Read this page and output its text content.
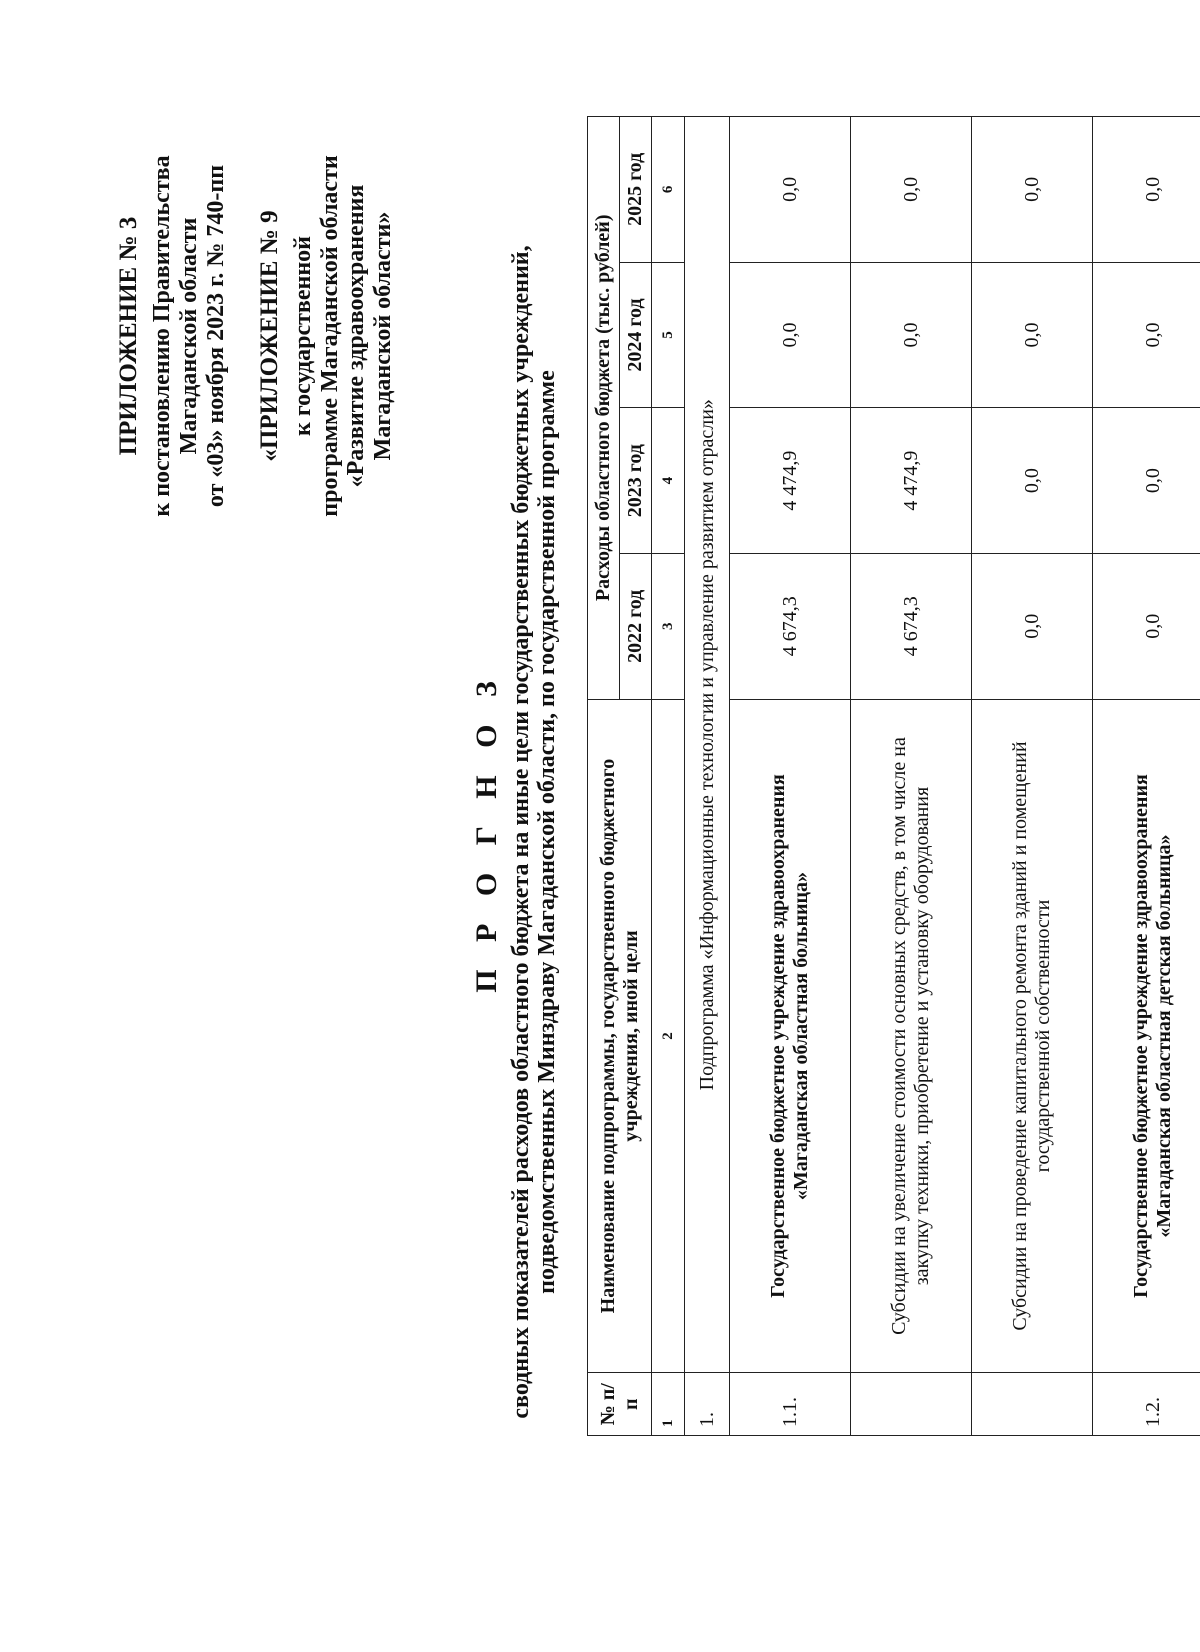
ПРИЛОЖЕНИЕ № 3 к постановлению Правительства Магаданской области от «03» ноября 2023 г. № 740-пп «ПРИЛОЖЕНИЕ № 9 к государственной программе Магаданской области «Развитие здравоохранения Магаданской области»
П Р О Г Н О З сводных показателей расходов областного бюджета на иные цели государственных бюджетных учреждений, подведомственных Минздраву Магаданской области, по государственной программе
№ п/п	Наименование подпрограммы, государственного бюджетного учреждения, иной цели	Расходы областного бюджета (тыс. рублей)			
		2022 год	2023 год	2024 год	2025 год
1	2	3	4	5	6
1.	Подпрограмма «Информационные технологии и управление развитием отрасли»				
1.1.	Государственное бюджетное учреждение здравоохранения «Магаданская областная больница»	4 674,3	4 474,9	0,0	0,0
	Субсидии на увеличение стоимости основных средств, в том числе на закупку техники, приобретение и установку оборудования	4 674,3	4 474,9	0,0	0,0
	Субсидии на проведение капитального ремонта зданий и помещений государственной собственности	0,0	0,0	0,0	0,0
1.2.	Государственное бюджетное учреждение здравоохранения «Магаданская областная детская больница»	0,0	0,0	0,0	0,0
